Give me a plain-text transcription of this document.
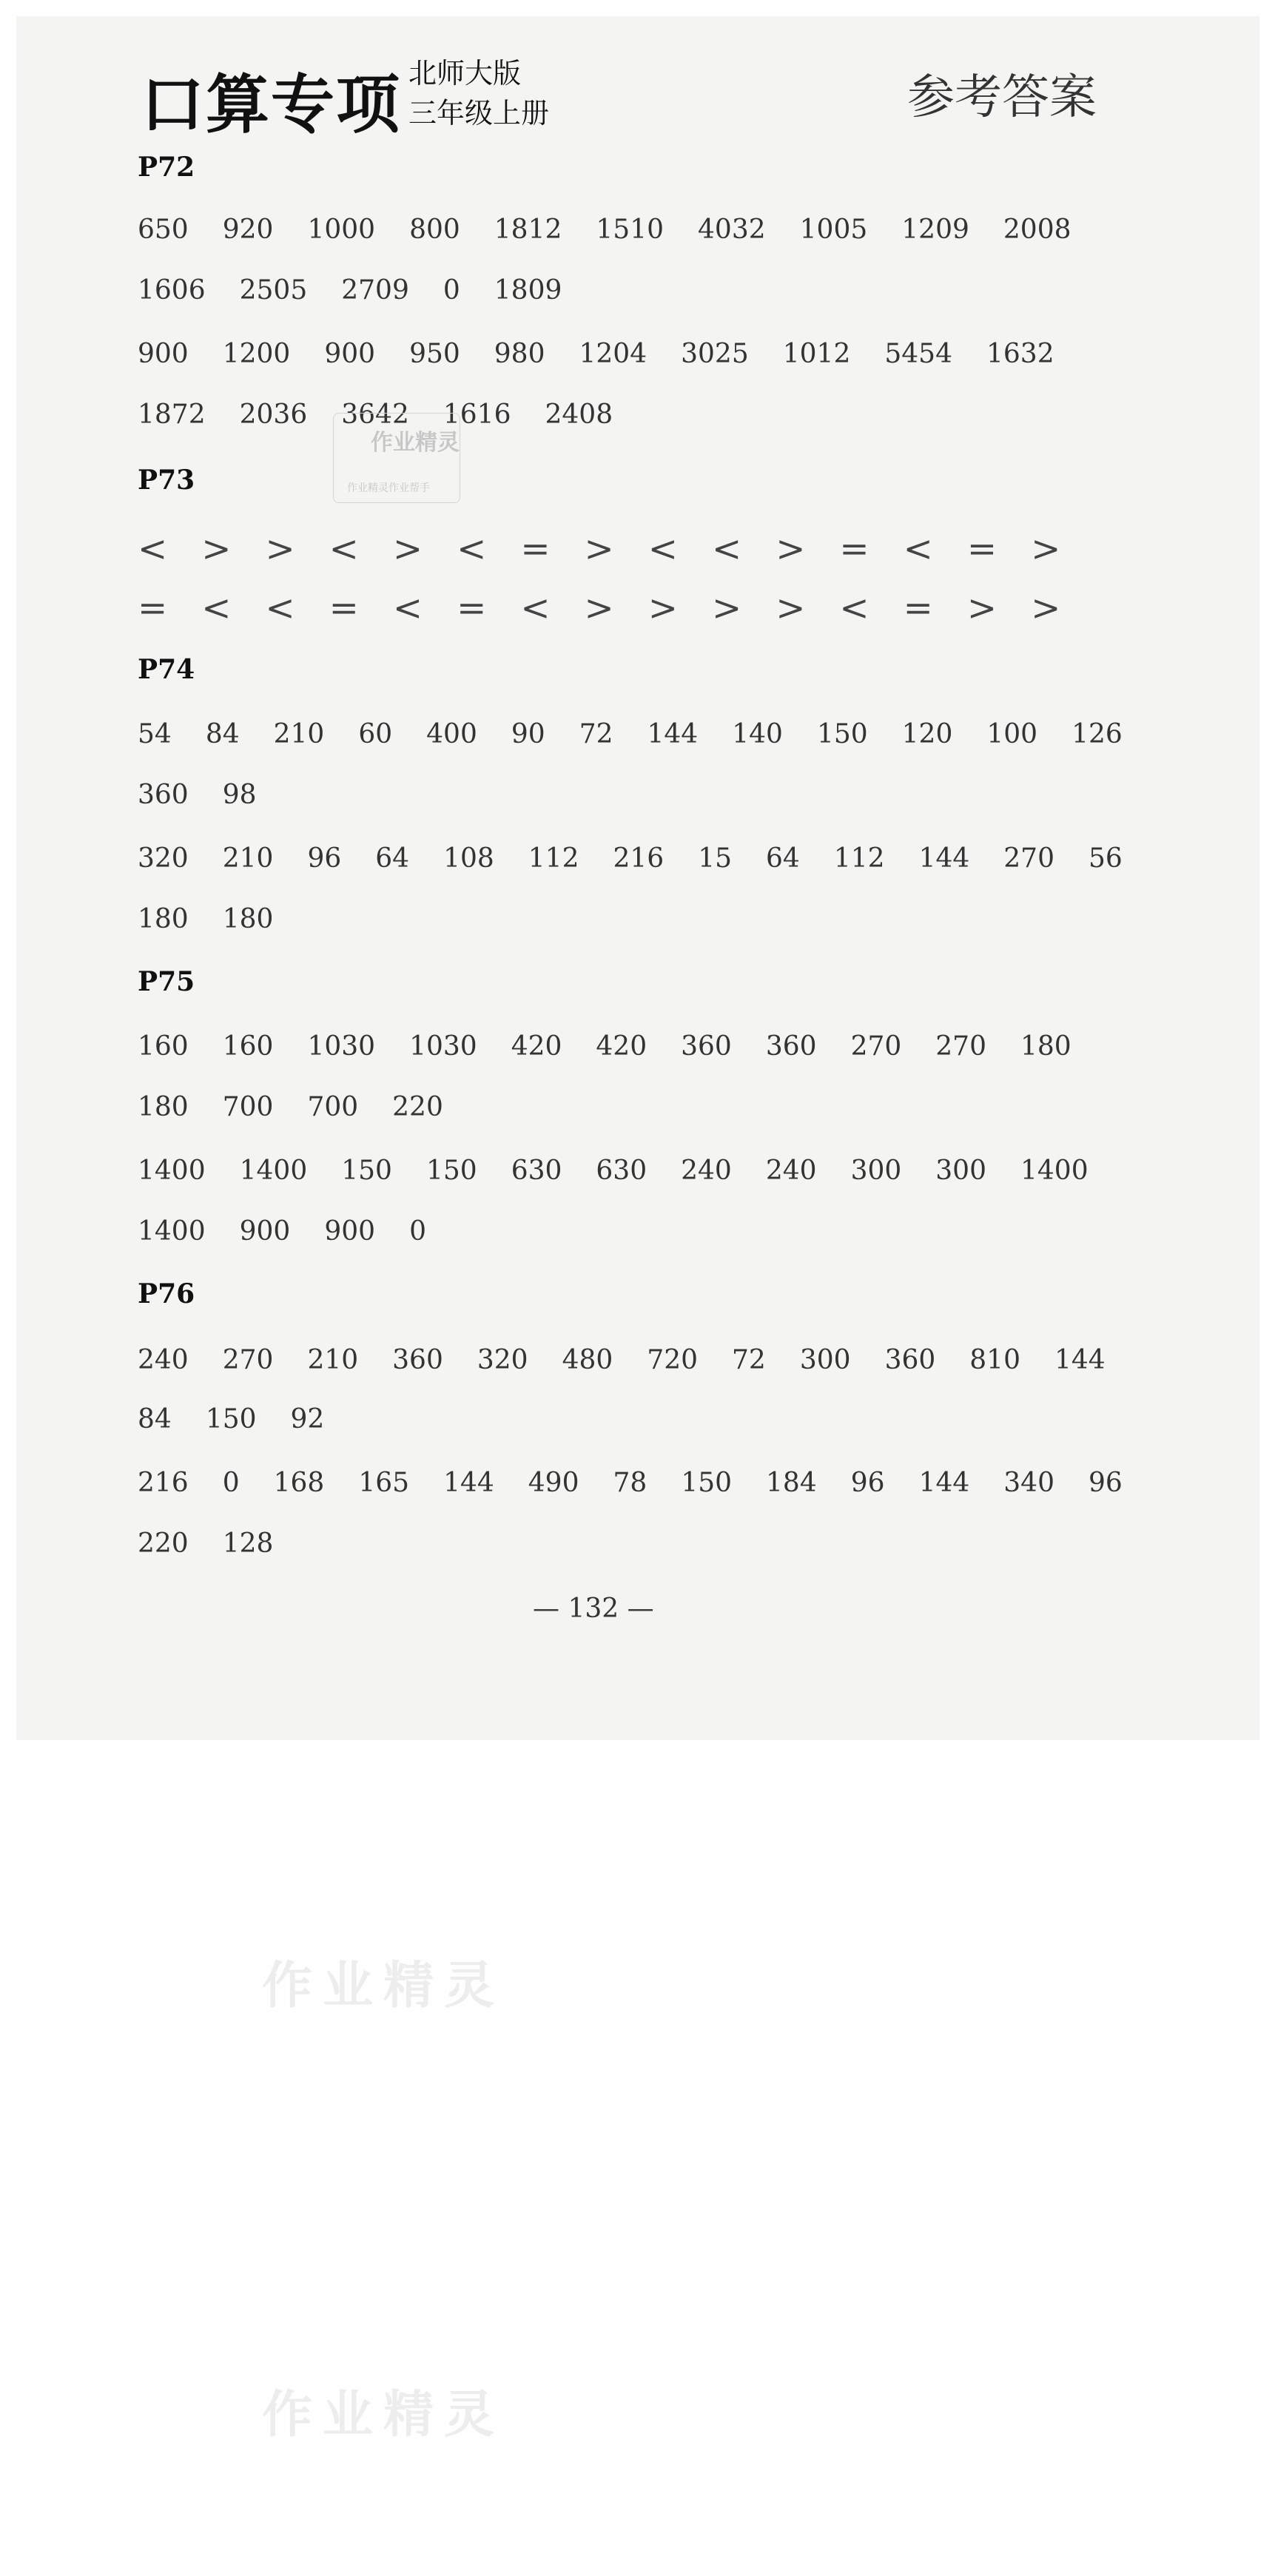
口算专项 北师大版
三年级上册	参考答案
P72
650 920 1000 800 1812 1510 4032 1005 1209 2008
1606 2505 2709 0 1809
900 1200 900 950 980 1204 3025 1012 5454 1632
1872 2036 3642 1616 2408
P73
< > > < > < = > < < > = < = >
= < < = < = < > > > > < = > >
P74
54 84 210 60 400 90 72 144 140 150 120 100 126
360 98
320 210 96 64 108 112 216 15 64 112 144 270 56
180 180
P75
160 160 1030 1030 420 420 360 360 270 270 180
180 700 700 220
1400 1400 150 150 630 630 240 240 300 300 1400
1400 900 900 0
P76
240 270 210 360 320 480 720 72 300 360 810 144
84 150 92
216 0 168 165 144 490 78 150 184 96 144 340 96
220 128
作业精灵
作业精灵作业帮手
— 132 —
作业精灵
作业精灵
